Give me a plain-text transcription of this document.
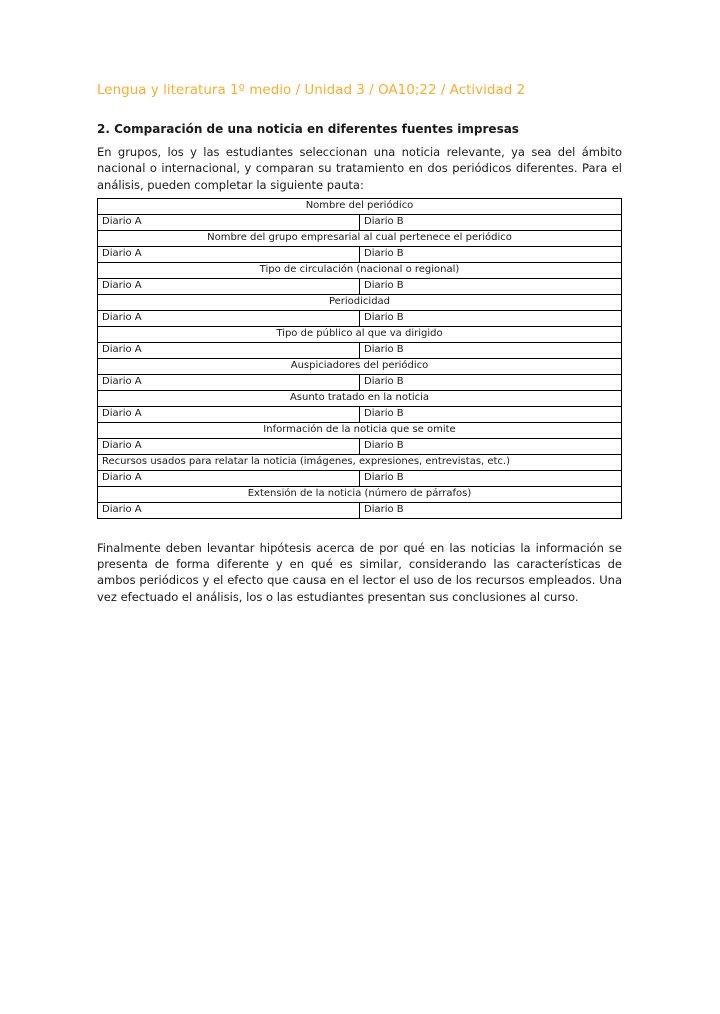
Lengua y literatura 1º medio / Unidad 3 / OA10;22 / Actividad 2

2. Comparación de una noticia en diferentes fuentes impresas

En grupos, los y las estudiantes seleccionan una noticia relevante, ya sea del ámbito nacional o internacional, y comparan su tratamiento en dos periódicos diferentes. Para el análisis, pueden completar la siguiente pauta:

Nombre del periódico	
Diario A	Diario B
Nombre del grupo empresarial al cual pertenece el periódico	
Diario A	Diario B
Tipo de circulación (nacional o regional)	
Diario A	Diario B
Periodicidad	
Diario A	Diario B
Tipo de público al que va dirigido	
Diario A	Diario B
Auspiciadores del periódico	
Diario A	Diario B
Asunto tratado en la noticia	
Diario A	Diario B
Información de la noticia que se omite	
Diario A	Diario B
Recursos usados para relatar la noticia (imágenes, expresiones, entrevistas, etc.)	
Diario A	Diario B
Extensión de la noticia (número de párrafos)	
Diario A	Diario B

Finalmente deben levantar hipótesis acerca de por qué en las noticias la información se presenta de forma diferente y en qué es similar, considerando las características de ambos periódicos y el efecto que causa en el lector el uso de los recursos empleados. Una vez efectuado el análisis, los o las estudiantes presentan sus conclusiones al curso.
